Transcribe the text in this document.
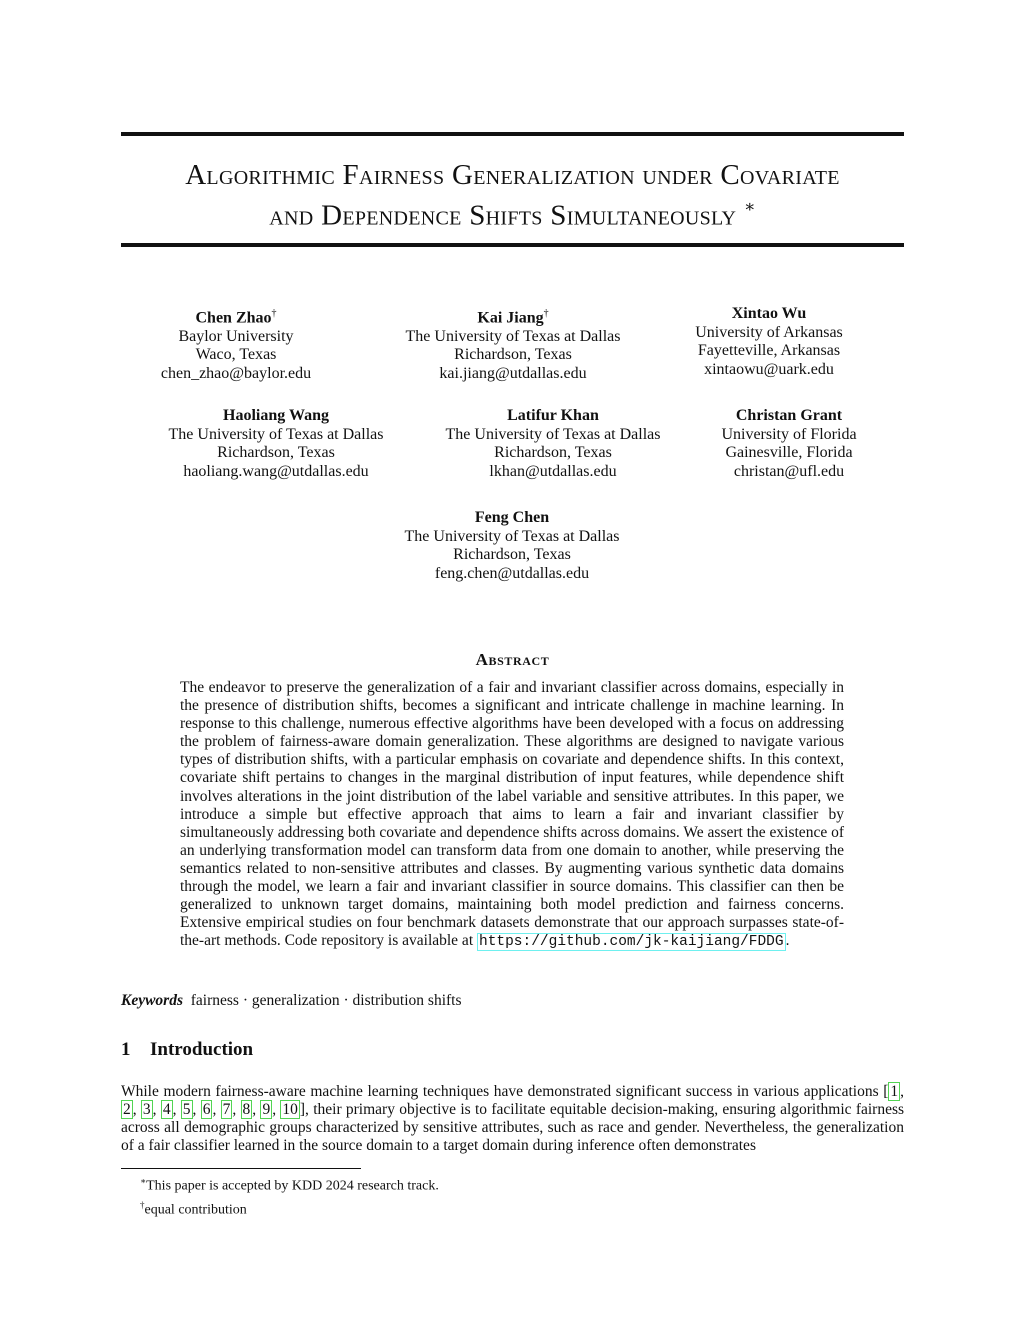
Algorithmic Fairness Generalization under Covariate
and Dependence Shifts Simultaneously ∗
Chen Zhao†
Baylor University
Waco, Texas
chen_zhao@baylor.edu
Kai Jiang†
The University of Texas at Dallas
Richardson, Texas
kai.jiang@utdallas.edu
Xintao Wu
University of Arkansas
Fayetteville, Arkansas
xintaowu@uark.edu
Haoliang Wang
The University of Texas at Dallas
Richardson, Texas
haoliang.wang@utdallas.edu
Latifur Khan
The University of Texas at Dallas
Richardson, Texas
lkhan@utdallas.edu
Christan Grant
University of Florida
Gainesville, Florida
christan@ufl.edu
Feng Chen
The University of Texas at Dallas
Richardson, Texas
feng.chen@utdallas.edu
Abstract
The endeavor to preserve the generalization of a fair and invariant classifier across domains, especially in the presence of distribution shifts, becomes a significant and intricate challenge in machine learning. In response to this challenge, numerous effective algorithms have been developed with a focus on addressing the problem of fairness-aware domain generalization. These algorithms are designed to navigate various types of distribution shifts, with a particular emphasis on covariate and dependence shifts. In this context, covariate shift pertains to changes in the marginal distribution of input features, while dependence shift involves alterations in the joint distribution of the label variable and sensitive attributes. In this paper, we introduce a simple but effective approach that aims to learn a fair and invariant classifier by simultaneously addressing both covariate and dependence shifts across domains. We assert the existence of an underlying transformation model can transform data from one domain to another, while preserving the semantics related to non-sensitive attributes and classes. By augmenting various synthetic data domains through the model, we learn a fair and invariant classifier in source domains. This classifier can then be generalized to unknown target domains, maintaining both model prediction and fairness concerns. Extensive empirical studies on four benchmark datasets demonstrate that our approach surpasses state-of-the-art methods. Code repository is available at https://github.com/jk-kaijiang/FDDG .
Keywords fairness · generalization · distribution shifts
1 Introduction
While modern fairness-aware machine learning techniques have demonstrated significant success in various applications [ 1 , 2 , 3 , 4 , 5 , 6 , 7 , 8 , 9 , 10 ], their primary objective is to facilitate equitable decision-making, ensuring algorithmic fairness across all demographic groups characterized by sensitive attributes, such as race and gender. Nevertheless, the generalization of a fair classifier learned in the source domain to a target domain during inference often demonstrates
∗This paper is accepted by KDD 2024 research track.
†equal contribution
